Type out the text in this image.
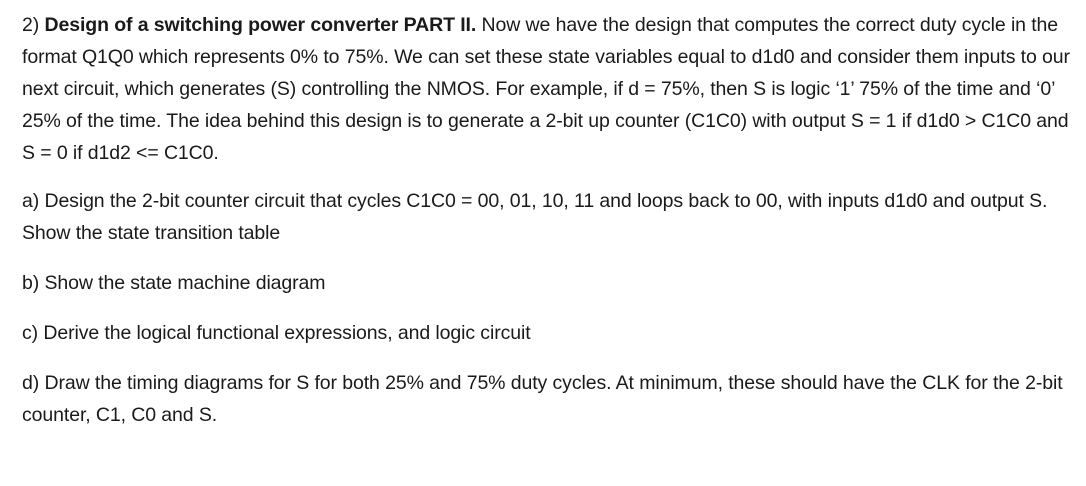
2) Design of a switching power converter PART II. Now we have the design that computes the correct duty cycle in the format Q1Q0 which represents 0% to 75%. We can set these state variables equal to d1d0 and consider them inputs to our next circuit, which generates (S) controlling the NMOS. For example, if d = 75%, then S is logic ‘1’ 75% of the time and ‘0’ 25% of the time. The idea behind this design is to generate a 2-bit up counter (C1C0) with output S = 1 if d1d0 > C1C0 and S = 0 if d1d2 <= C1C0.

a) Design the 2-bit counter circuit that cycles C1C0 = 00, 01, 10, 11 and loops back to 00, with inputs d1d0 and output S. Show the state transition table

b) Show the state machine diagram

c) Derive the logical functional expressions, and logic circuit

d) Draw the timing diagrams for S for both 25% and 75% duty cycles. At minimum, these should have the CLK for the 2-bit counter, C1, C0 and S.
